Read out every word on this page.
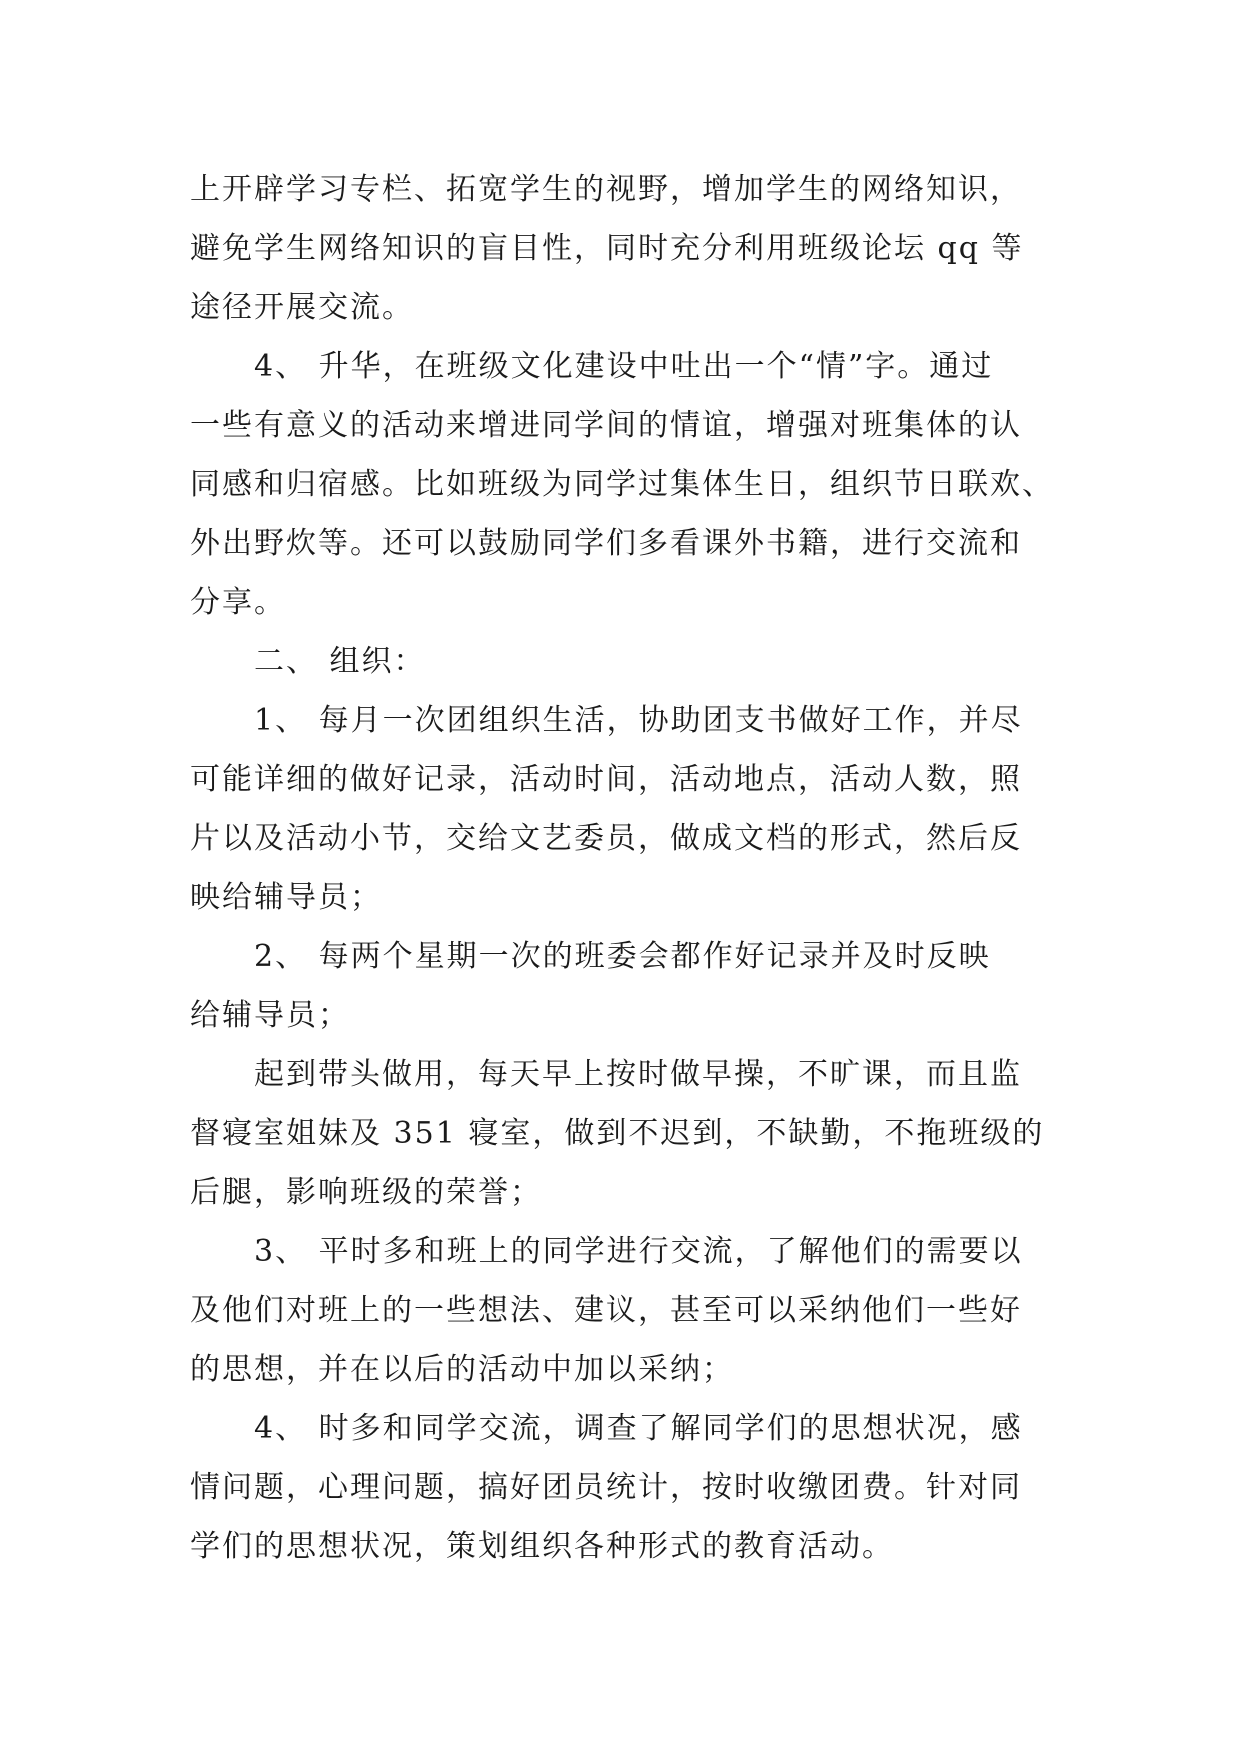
上开辟学习专栏、拓宽学生的视野，增加学生的网络知识，
避免学生网络知识的盲目性，同时充分利用班级论坛 qq 等
途径开展交流。
4、 升华，在班级文化建设中吐出一个“情”字。通过
一些有意义的活动来增进同学间的情谊，增强对班集体的认
同感和归宿感。比如班级为同学过集体生日，组织节日联欢、
外出野炊等。还可以鼓励同学们多看课外书籍，进行交流和
分享。
二、 组织：
1、 每月一次团组织生活，协助团支书做好工作，并尽
可能详细的做好记录，活动时间，活动地点，活动人数，照
片以及活动小节，交给文艺委员，做成文档的形式，然后反
映给辅导员；
2、 每两个星期一次的班委会都作好记录并及时反映
给辅导员；
起到带头做用，每天早上按时做早操，不旷课，而且监
督寝室姐妹及 351 寝室，做到不迟到，不缺勤，不拖班级的
后腿，影响班级的荣誉；
3、 平时多和班上的同学进行交流，了解他们的需要以
及他们对班上的一些想法、建议，甚至可以采纳他们一些好
的思想，并在以后的活动中加以采纳；
4、 时多和同学交流，调查了解同学们的思想状况，感
情问题，心理问题，搞好团员统计，按时收缴团费。针对同
学们的思想状况，策划组织各种形式的教育活动。
